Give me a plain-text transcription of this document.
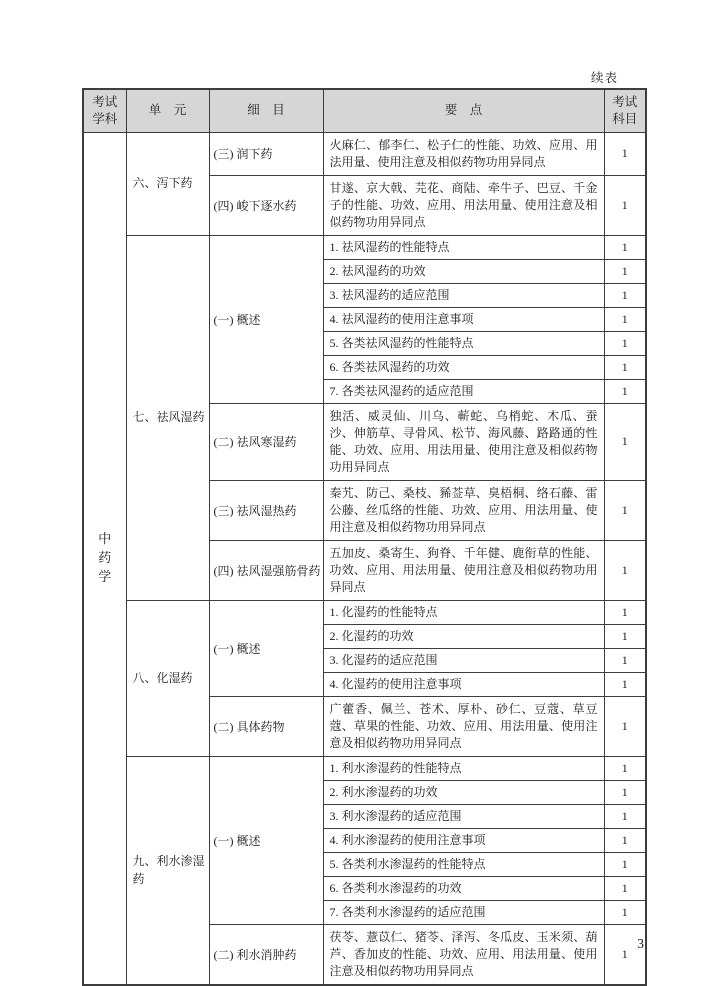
续表
考试学科	单　元	细　目	要　点	考试科目

中药学	六、泻下药	(三) 润下药	火麻仁、郁李仁、松子仁的性能、功效、应用、用法用量、使用注意及相似药物功用异同点	1
		(四) 峻下逐水药	甘遂、京大戟、芫花、商陆、牵牛子、巴豆、千金子的性能、功效、应用、用法用量、使用注意及相似药物功用异同点	1
	七、祛风湿药	(一) 概述	1. 祛风湿药的性能特点	1
			2. 祛风湿药的功效	1
			3. 祛风湿药的适应范围	1
			4. 祛风湿药的使用注意事项	1
			5. 各类祛风湿药的性能特点	1
			6. 各类祛风湿药的功效	1
			7. 各类祛风湿药的适应范围	1
		(二) 祛风寒湿药	独活、威灵仙、川乌、蕲蛇、乌梢蛇、木瓜、蚕沙、伸筋草、寻骨风、松节、海风藤、路路通的性能、功效、应用、用法用量、使用注意及相似药物功用异同点	1
		(三) 祛风湿热药	秦艽、防己、桑枝、豨莶草、臭梧桐、络石藤、雷公藤、丝瓜络的性能、功效、应用、用法用量、使用注意及相似药物功用异同点	1
		(四) 祛风湿强筋骨药	五加皮、桑寄生、狗脊、千年健、鹿衔草的性能、功效、应用、用法用量、使用注意及相似药物功用异同点	1
	八、化湿药	(一) 概述	1. 化湿药的性能特点	1
			2. 化湿药的功效	1
			3. 化湿药的适应范围	1
			4. 化湿药的使用注意事项	1
		(二) 具体药物	广藿香、佩兰、苍术、厚朴、砂仁、豆蔻、草豆蔻、草果的性能、功效、应用、用法用量、使用注意及相似药物功用异同点	1
	九、利水渗湿药	(一) 概述	1. 利水渗湿药的性能特点	1
			2. 利水渗湿药的功效	1
			3. 利水渗湿药的适应范围	1
			4. 利水渗湿药的使用注意事项	1
			5. 各类利水渗湿药的性能特点	1
			6. 各类利水渗湿药的功效	1
			7. 各类利水渗湿药的适应范围	1
		(二) 利水消肿药	茯苓、薏苡仁、猪苓、泽泻、冬瓜皮、玉米须、葫芦、香加皮的性能、功效、应用、用法用量、使用注意及相似药物功用异同点	1
3
